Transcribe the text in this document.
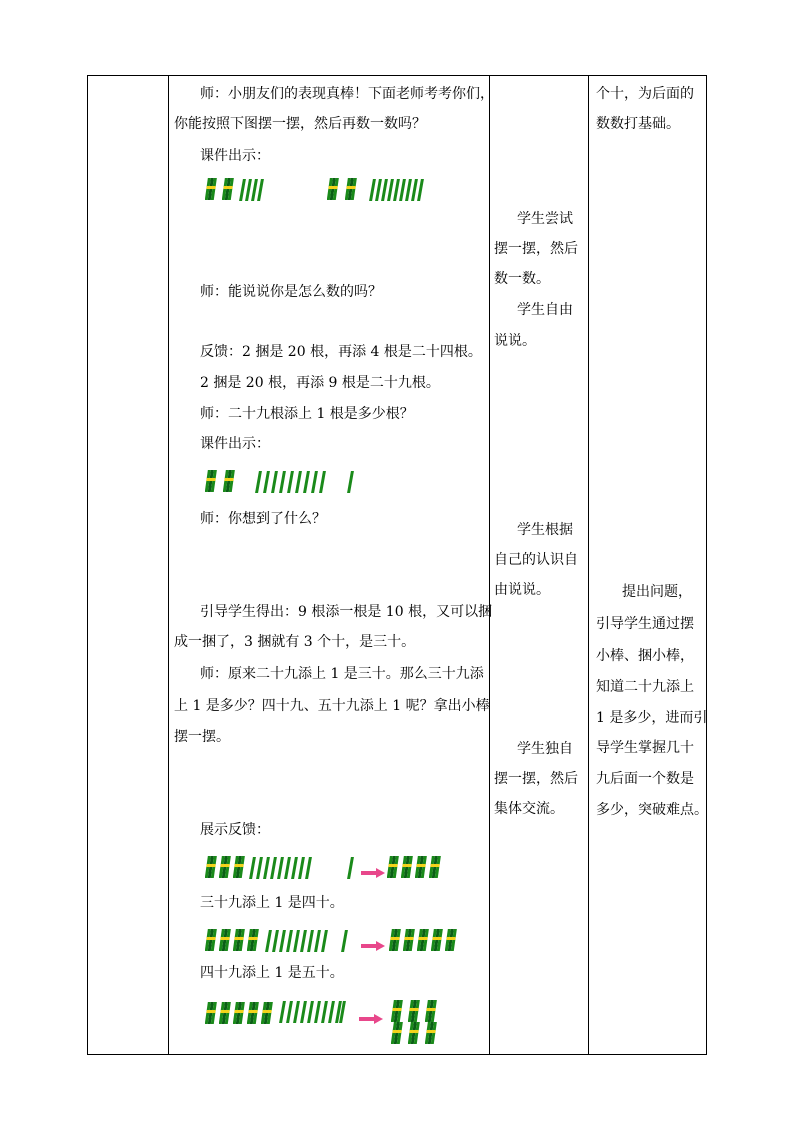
师：小朋友们的表现真棒！下面老师考考你们，
你能按照下图摆一摆，然后再数一数吗？
课件出示：
师：能说说你是怎么数的吗？
反馈：2 捆是 20 根，再添 4 根是二十四根。
2 捆是 20 根，再添 9 根是二十九根。
师：二十九根添上 1 根是多少根？
课件出示：
师：你想到了什么？
引导学生得出：9 根添一根是 10 根，又可以捆
成一捆了，3 捆就有 3 个十，是三十。
师：原来二十九添上 1 是三十。那么三十九添
上 1 是多少？四十九、五十九添上 1 呢？拿出小棒
摆一摆。
展示反馈：
三十九添上 1 是四十。
四十九添上 1 是五十。
学生尝试
摆一摆，然后
数一数。
学生自由
说说。
学生根据
自己的认识自
由说说。
学生独自
摆一摆，然后
集体交流。
个十，为后面的
数数打基础。
提出问题，
引导学生通过摆
小棒、捆小棒，
知道二十九添上
1 是多少，进而引
导学生掌握几十
九后面一个数是
多少，突破难点。
